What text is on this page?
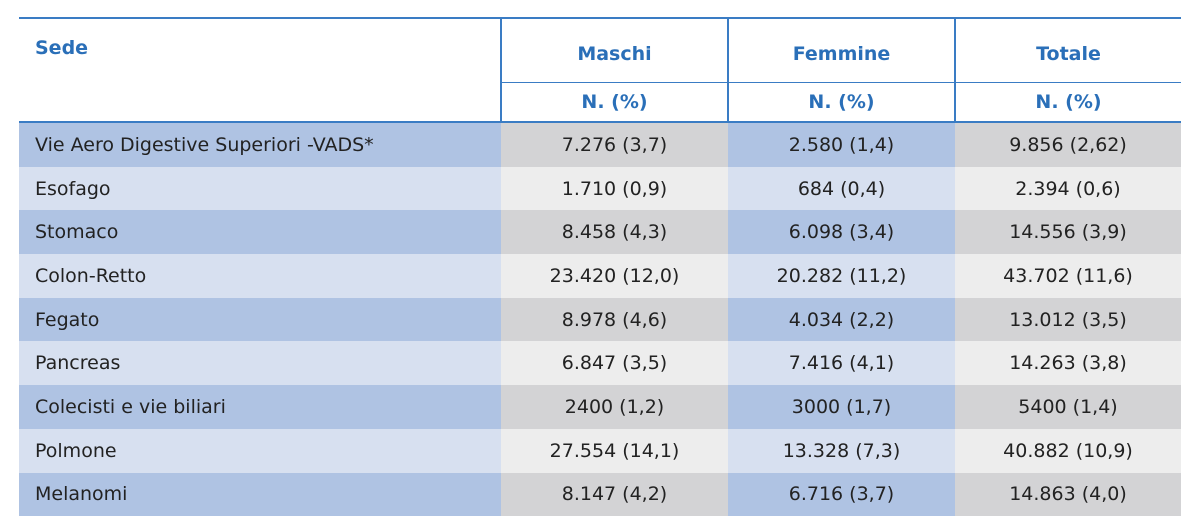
Sede	Maschi	Femmine	Totale
	N. (%)	N. (%)	N. (%)
Vie Aero Digestive Superiori -VADS*	7.276 (3,7)	2.580 (1,4)	9.856 (2,62)
Esofago	1.710 (0,9)	684 (0,4)	2.394 (0,6)
Stomaco	8.458 (4,3)	6.098 (3,4)	14.556 (3,9)
Colon-Retto	23.420 (12,0)	20.282 (11,2)	43.702 (11,6)
Fegato	8.978 (4,6)	4.034 (2,2)	13.012 (3,5)
Pancreas	6.847 (3,5)	7.416 (4,1)	14.263 (3,8)
Colecisti e vie biliari	2400 (1,2)	3000 (1,7)	5400 (1,4)
Polmone	27.554 (14,1)	13.328 (7,3)	40.882 (10,9)
Melanomi	8.147 (4,2)	6.716 (3,7)	14.863 (4,0)
